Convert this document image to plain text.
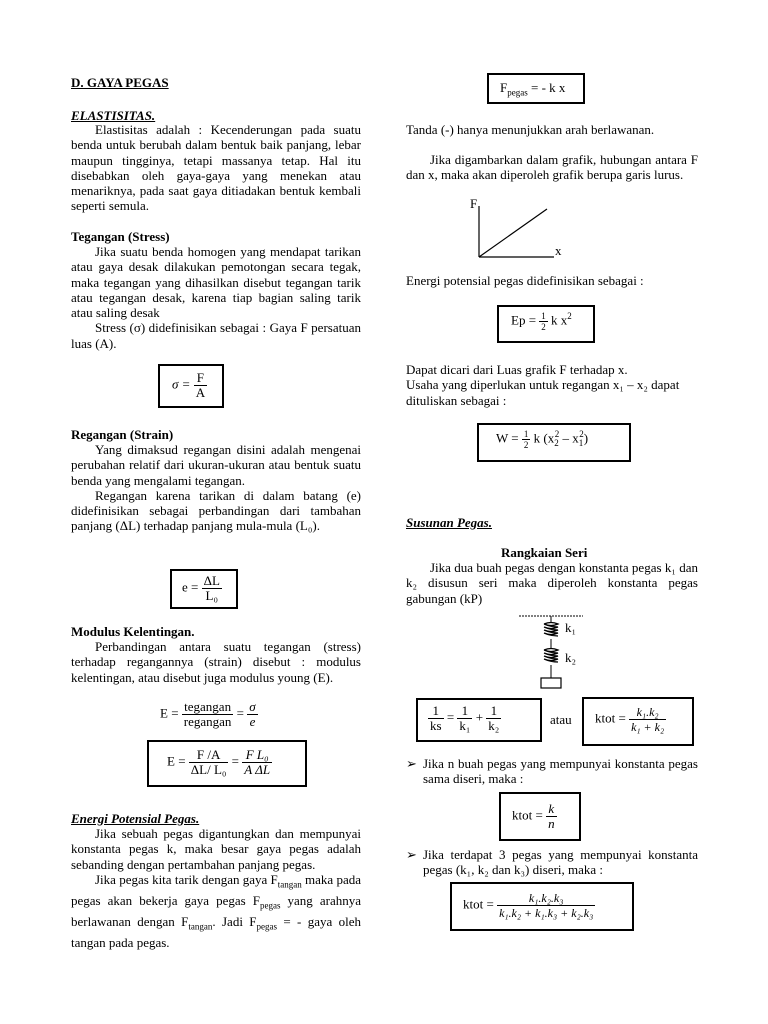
D. GAYA PEGAS
ELASTISITAS.

Elastisitas adalah : Kecenderungan pada suatu benda untuk berubah dalam bentuk baik panjang, lebar maupun tingginya, tetapi massanya tetap. Hal itu disebabkan oleh gaya-gaya yang menekan atau menariknya, pada saat gaya ditiadakan bentuk kembali seperti semula.

Tegangan (Stress)

Jika suatu benda homogen yang mendapat tarikan atau gaya desak dilakukan pemotongan secara tegak, maka tegangan yang dihasilkan disebut tegangan tarik atau tegangan desak, karena tiap bagian saling tarik atau saling desak

Stress (σ) didefinisikan sebagai : Gaya F persatuan luas (A).

$\sigma = \frac{F}{A}$
Regangan (Strain)

Yang dimaksud regangan disini adalah mengenai perubahan relatif dari ukuran-ukuran atau bentuk suatu benda yang mengalami tegangan.

Regangan karena tarikan di dalam batang (e) didefinisikan sebagai perbandingan dari tambahan panjang (ΔL) terhadap panjang mula-mula (L₀).

$e = \frac{\Delta L}{\text{L₀}}$
Modulus Kelentingan.

Perbandingan antara suatu tegangan (stress) terhadap regangannya (strain) disebut : modulus kelentingan, atau disebut juga modulus young (E).

$E = \frac{\text{tegangan}}{\text{regangan}} = \frac{\sigma}{e}$
$E = \frac{F /A}{\text{ΔL/ L₀}} = \frac{\text{F L₀}}{\text{A ΔL}}$
Energi Potensial Pegas.

Jika sebuah pegas digantungkan dan mempunyai konstanta pegas k, maka besar gaya pegas adalah sebanding dengan pertambahan panjang pegas.

Jika pegas kita tarik dengan gaya $F_{tangan}$ maka pada pegas akan bekerja gaya pegas $F_{pegas}$ yang arahnya berlawanan dengan $F_{tangan}$. Jadi $F_{pegas}$ = - gaya oleh tangan pada pegas.

$F_{pegas}$ = - k x

Tanda (-) hanya menunjukkan arah berlawanan.

Jika digambarkan dalam grafik, hubungan antara F dan x, maka akan diperoleh grafik berupa garis lurus.

F
x
Energi potensial pegas didefinisikan sebagai :
$Ep = \frac{1}{2}$ k $x^2$

Dapat dicari dari Luas grafik F terhadap x.

Usaha yang diperlukan untuk regangan x₁ – x₂ dapat dituliskan sebagai :

$W = \frac{1}{2}$ k $(x_2^2 - x_1^2)$
Susunan Pegas.
Rangkaian Seri

Jika dua buah pegas dengan konstanta pegas k₁ dan k₂ disusun seri maka diperoleh konstanta pegas gabungan (kP)

k₁
k₂
$\frac{1}{ks} = \frac{1}{\text{k₁}} + \frac{1}{\text{k₂}}$	atau	ktot = $\frac{\text{k₁.k₂}}{\text{k₁ + k₂}}$

➢ Jika n buah pegas yang mempunyai konstanta pegas sama diseri, maka :

ktot = $\frac{k}{n}$

➢ Jika terdapat 3 pegas yang mempunyai konstanta pegas (k₁, k₂ dan k₃) diseri, maka :

ktot = $\frac{\text{k₁.k₂.k₃}}{\text{k₁.k₂ + k₁.k₃ + k₂.k₃}}$
